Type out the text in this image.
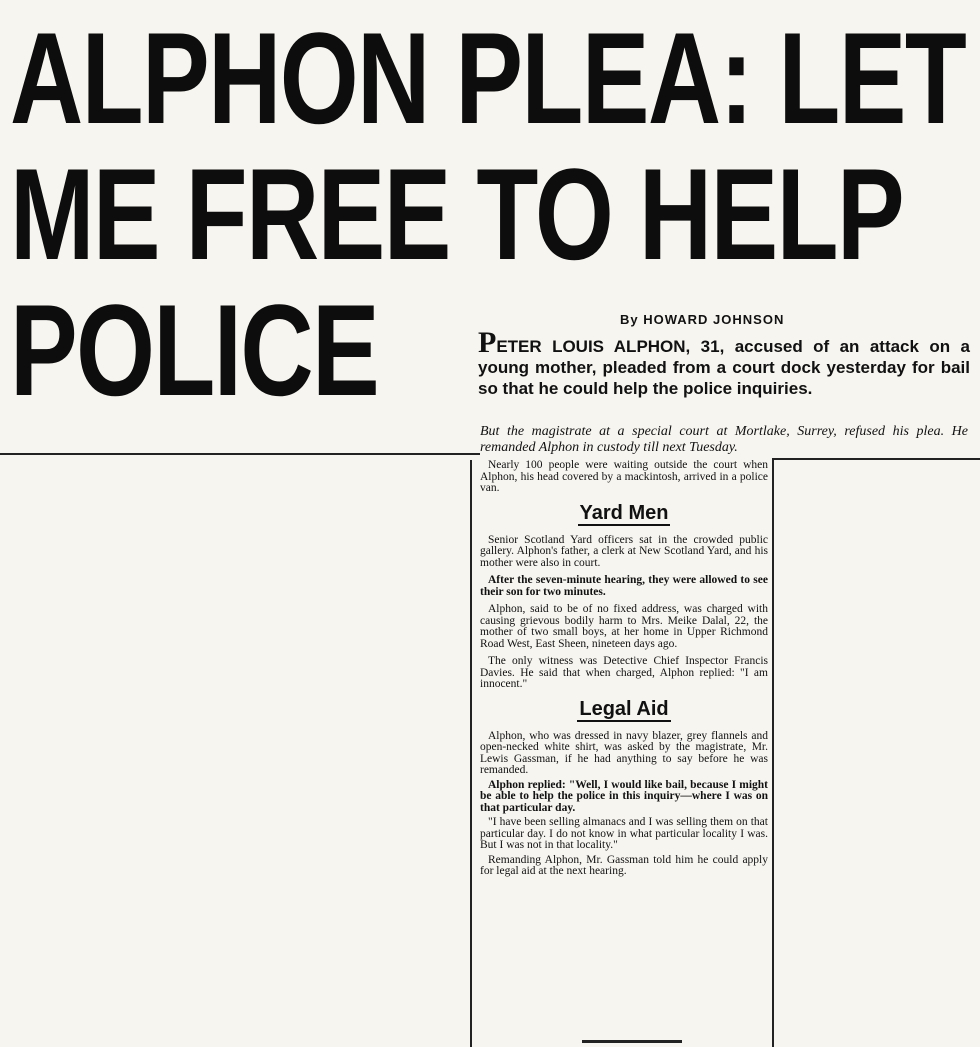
ALPHON PLEA: LET
ME FREE TO HELP
POLICE	By HOWARD JOHNSON

PETER LOUIS ALPHON, 31, accused of an attack on a young mother, pleaded from a court dock yesterday for bail so that he could help the police inquiries.

But the magistrate at a special court at Mortlake, Surrey, refused his plea. He remanded Alphon in custody till next Tuesday.

Nearly 100 people were waiting outside the court when Alphon, his head covered by a mackintosh, arrived in a police van.

Yard Men

Senior Scotland Yard officers sat in the crowded public gallery. Alphon's father, a clerk at New Scotland Yard, and his mother were also in court.

After the seven-minute hearing, they were allowed to see their son for two minutes.

Alphon, said to be of no fixed address, was charged with causing grievous bodily harm to Mrs. Meike Dalal, 22, the mother of two small boys, at her home in Upper Richmond Road West, East Sheen, nineteen days ago.

The only witness was Detective Chief Inspector Francis Davies. He said that when charged, Alphon replied: "I am innocent."

Legal Aid

Alphon, who was dressed in navy blazer, grey flannels and open-necked white shirt, was asked by the magistrate, Mr. Lewis Gassman, if he had anything to say before he was remanded.

Alphon replied: "Well, I would like bail, because I might be able to help the police in this inquiry—where I was on that particular day.

"I have been selling almanacs and I was selling them on that particular day. I do not know in what particular locality I was. But I was not in that locality."

Remanding Alphon, Mr. Gassman told him he could apply for legal aid at the next hearing.
